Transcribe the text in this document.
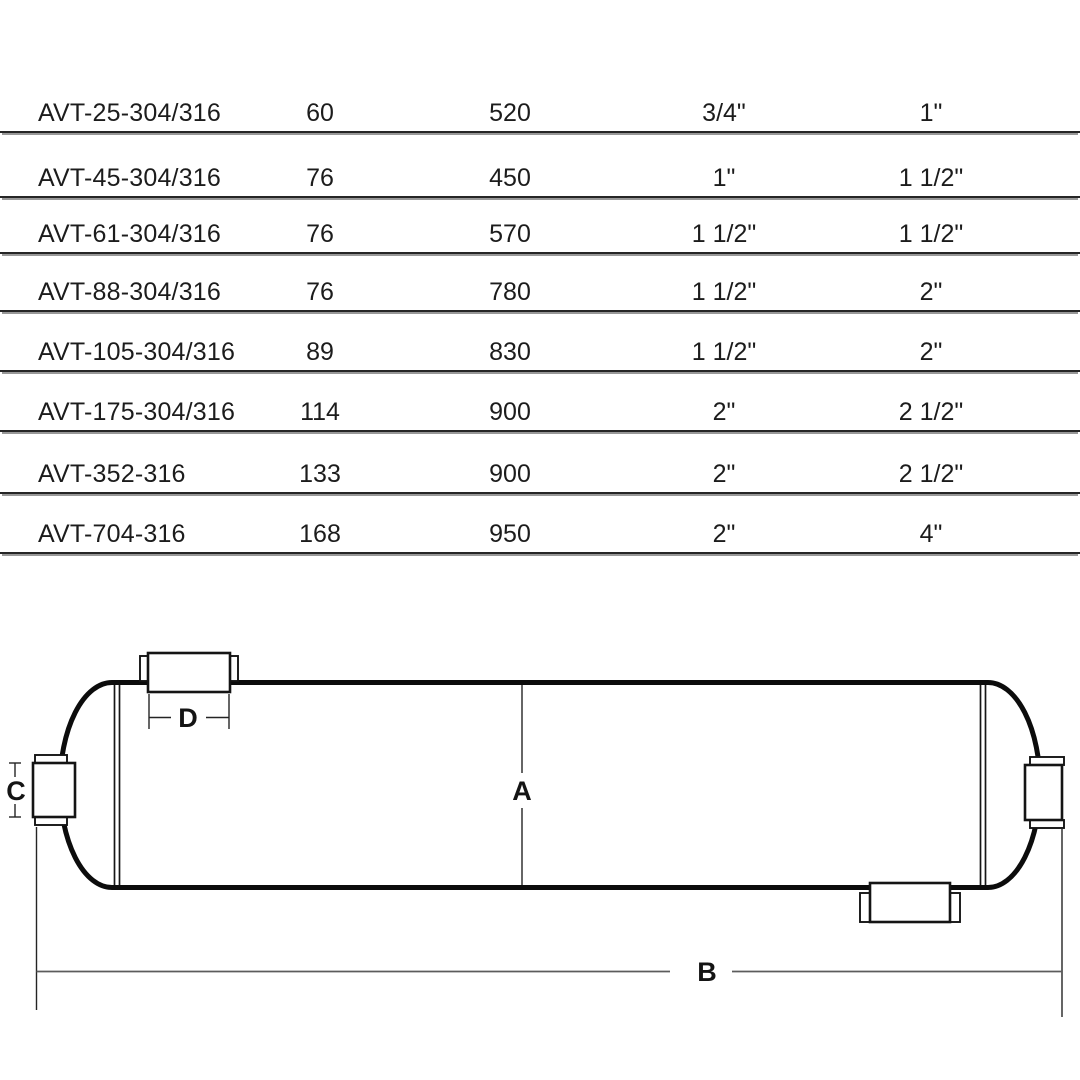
AVT-25-304/316	60	520	3/4"	1"
AVT-45-304/316	76	450	1"	1 1/2"
AVT-61-304/316	76	570	1 1/2"	1 1/2"
AVT-88-304/316	76	780	1 1/2"	2"
AVT-105-304/316	89	830	1 1/2"	2"
AVT-175-304/316	114	900	2"	2 1/2"
AVT-352-316	133	900	2"	2 1/2"
AVT-704-316	168	950	2"	4"
A
D
C
B
